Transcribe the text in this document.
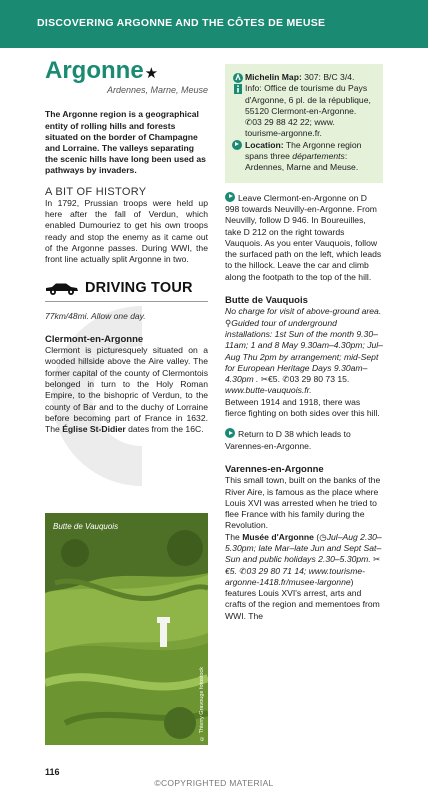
DISCOVERING ARGONNE AND THE CÔTES DE MEUSE
Argonne ★
Ardennes, Marne, Meuse
The Argonne region is a geographical entity of rolling hills and forests situated on the border of Champagne and Lorraine. The valleys separating the scenic hills have long been used as pathways by invaders.
A BIT OF HISTORY

In 1792, Prussian troops were held up here after the fall of Verdun, which enabled Dumouriez to get his own troops ready and stop the enemy as it came out of the Argonne passes. During WWI, the front line actually split Argonne in two.

DRIVING TOUR
77km/48mi. Allow one day.
Clermont-en-Argonne

Clermont is picturesquely situated on a wooded hillside above the Aire valley. The former capital of the county of Clermontois belonged in turn to the Holy Roman Empire, to the bishopric of Verdun, to the county of Bar and to the duchy of Lorraine before becoming part of France in 1632. The Église St-Didier dates from the 16C.

Butte de Vauquois
© Thierry Gravouge fotostock
Michelin Map: 307: B/C 3/4.
Info: Office de tourisme du Pays d'Argonne, 6 pl. de la république, 55120 Clermont-en-Argonne.
✆03 29 88 42 22; www. tourisme-argonne.fr.
Location: The Argonne region spans three départements: Ardennes, Marne and Meuse.

Leave Clermont-en-Argonne on D 998 towards Neuvilly-en-Argonne. From Neuvilly, follow D 946. In Boureuilles, take D 212 on the right towards Vauquois. As you enter Vauquois, follow the surfaced path on the left, which leads to the hillock. Leave the car and climb along the footpath to the top of the hill.

Butte de Vauquois

No charge for visit of above-ground area. ⚲Guided tour of underground installations: 1st Sun of the month 9.30–11am; 1 and 8 May 9.30am–4.30pm; Jul–Aug Thu 2pm by arrangement; mid-Sept for European Heritage Days 9.30am– 4.30pm . ✂€5. ✆03 29 80 73 15. www.butte-vauquois.fr.

Between 1914 and 1918, there was fierce fighting on both sides over this hill.

Return to D 38 which leads to Varennes-en-Argonne.

Varennes-en-Argonne

This small town, built on the banks of the River Aire, is famous as the place where Louis XVI was arrested when he tried to flee France with his family during the Revolution.

The Musée d'Argonne (◷Jul–Aug 2.30–5.30pm; late Mar–late Jun and Sept Sat–Sun and public holidays 2.30–5.30pm. ✂€5. ✆03 29 80 71 14; www.tourisme-argonne-1418.fr/musee-largonne) features Louis XVI's arrest, arts and crafts of the region and mementoes from WWI. The

116
©COPYRIGHTED MATERIAL
